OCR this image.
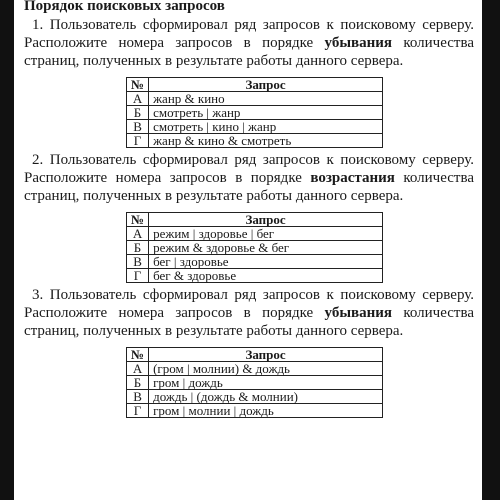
Порядок поисковых запросов
1. Пользователь сформировал ряд запросов к поисковому серверу. Расположите номера запросов в порядке убывания количества страниц, полученных в результате работы данного сервера.
№	Запрос
А	жанр & кино
Б	смотреть | жанр
В	смотреть | кино | жанр
Г	жанр & кино & смотреть
2. Пользователь сформировал ряд запросов к поисковому серверу. Расположите номера запросов в порядке возрастания количества страниц, полученных в результате работы данного сервера.
№	Запрос
А	режим | здоровье | бег
Б	режим & здоровье & бег
В	бег | здоровье
Г	бег & здоровье
3. Пользователь сформировал ряд запросов к поисковому серверу. Расположите номера запросов в порядке убывания количества страниц, полученных в результате работы данного сервера.
№	Запрос
А	(гром | молнии) & дождь
Б	гром | дождь
В	дождь | (дождь & молнии)
Г	гром | молнии | дождь
